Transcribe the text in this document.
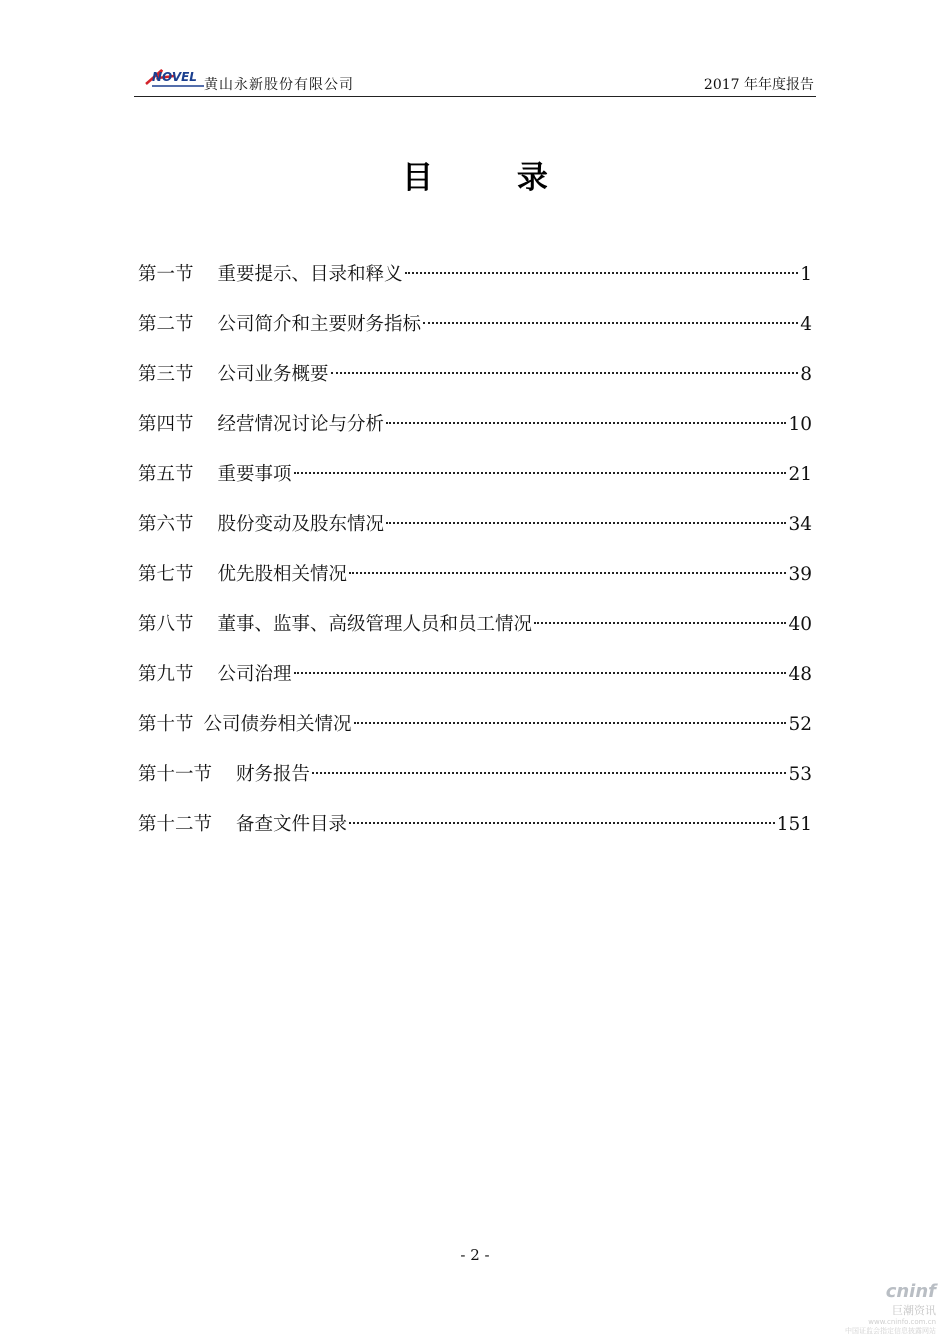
NOVEL 黄山永新股份有限公司	2017 年年度报告
目	录
第一节 重要提示、目录和释义	1
第二节 公司简介和主要财务指标	4
第三节 公司业务概要	8
第四节 经营情况讨论与分析	10
第五节 重要事项	21
第六节 股份变动及股东情况	34
第七节 优先股相关情况	39
第八节 董事、监事、高级管理人员和员工情况	40
第九节 公司治理	48
第十节 公司债券相关情况	52
第十一节 财务报告	53
第十二节 备查文件目录	151
- 2 -
cninf
巨潮资讯
www.cninfo.com.cn
中国证监会指定信息披露网站
